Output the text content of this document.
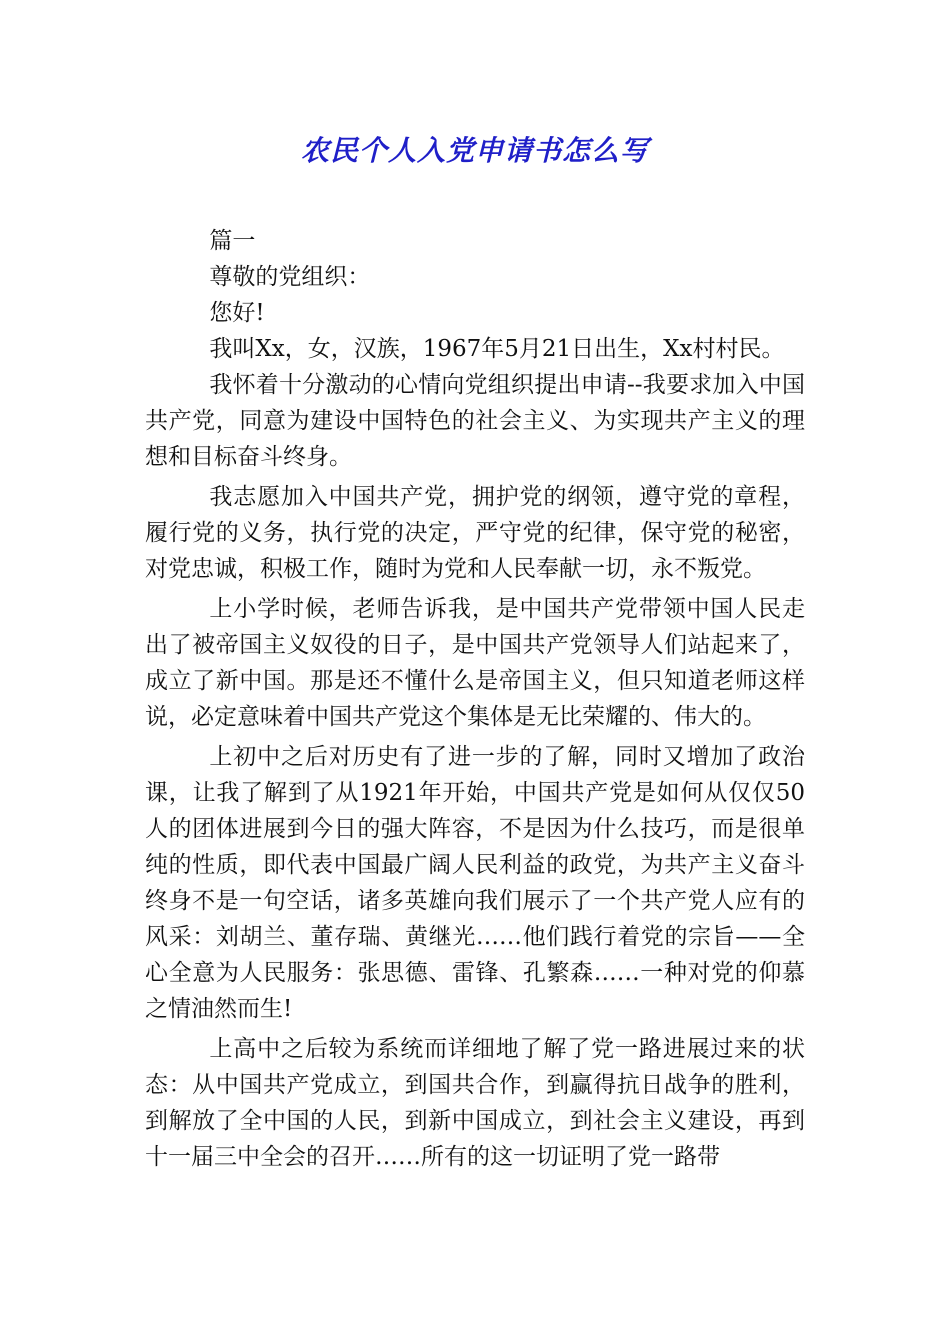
农民个人入党申请书怎么写

篇一

尊敬的党组织：

您好!

我叫Xx，女，汉族，1967年5月21日出生，Xx村村民。

我怀着十分激动的心情向党组织提出申请--我要求加入中国共产党，同意为建设中国特色的社会主义、为实现共产主义的理想和目标奋斗终身。

我志愿加入中国共产党，拥护党的纲领，遵守党的章程，履行党的义务，执行党的决定，严守党的纪律，保守党的秘密，对党忠诚，积极工作，随时为党和人民奉献一切，永不叛党。

上小学时候，老师告诉我，是中国共产党带领中国人民走出了被帝国主义奴役的日子，是中国共产党领导人们站起来了，成立了新中国。那是还不懂什么是帝国主义，但只知道老师这样说，必定意味着中国共产党这个集体是无比荣耀的、伟大的。

上初中之后对历史有了进一步的了解，同时又增加了政治课，让我了解到了从1921年开始，中国共产党是如何从仅仅50人的团体进展到今日的强大阵容，不是因为什么技巧，而是很单纯的性质，即代表中国最广阔人民利益的政党，为共产主义奋斗终身不是一句空话，诸多英雄向我们展示了一个共产党人应有的风采：刘胡兰、董存瑞、黄继光……他们践行着党的宗旨——全心全意为人民服务：张思德、雷锋、孔繁森……一种对党的仰慕之情油然而生!

上高中之后较为系统而详细地了解了党一路进展过来的状态：从中国共产党成立，到国共合作，到赢得抗日战争的胜利，到解放了全中国的人民，到新中国成立，到社会主义建设，再到十一届三中全会的召开……所有的这一切证明了党一路带
